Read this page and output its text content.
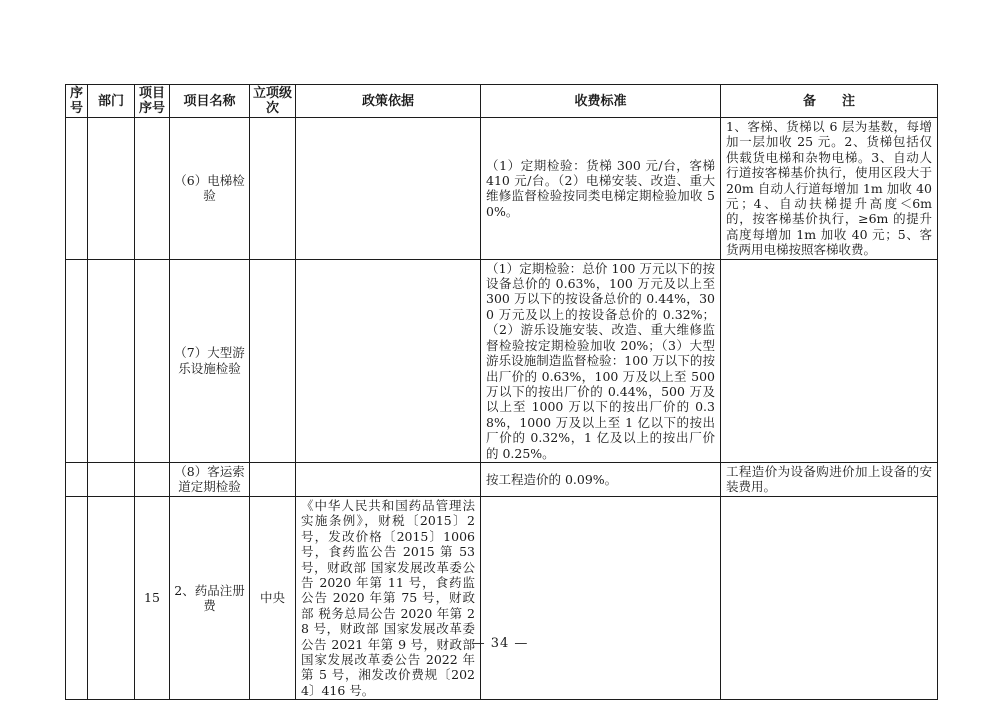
序号	部门	项目序号	项目名称	立项级次	政策依据	收费标准	备　　注
			（6）电梯检验			（1）定期检验：货梯 300 元/台，客梯 410 元/台。（2）电梯安装、改造、重大维修监督检验按同类电梯定期检验加收 50%。	1、客梯、货梯以 6 层为基数，每增加一层加收 25 元。2、货梯包括仅供载货电梯和杂物电梯。3、自动人行道按客梯基价执行，使用区段大于 20m 自动人行道每增加 1m 加收 40 元；4、自动扶梯提升高度＜6m 的，按客梯基价执行，≥6m 的提升高度每增加 1m 加收 40 元；5、客货两用电梯按照客梯收费。
			（7）大型游乐设施检验			（1）定期检验：总价 100 万元以下的按设备总价的 0.63%，100 万元及以上至 300 万以下的按设备总价的 0.44%，300 万元及以上的按设备总价的 0.32%；（2）游乐设施安装、改造、重大维修监督检验按定期检验加收 20%；（3）大型游乐设施制造监督检验：100 万以下的按出厂价的 0.63%，100 万及以上至 500 万以下的按出厂价的 0.44%，500 万及以上至 1000 万以下的按出厂价的 0.38%，1000 万及以上至 1 亿以下的按出厂价的 0.32%，1 亿及以上的按出厂价的 0.25%。	
			（8）客运索道定期检验			按工程造价的 0.09%。	工程造价为设备购进价加上设备的安装费用。
		15	2、药品注册费	中央	《中华人民共和国药品管理法实施条例》，财税〔2015〕2 号，发改价格〔2015〕1006 号，食药监公告 2015 第 53 号，财政部 国家发展改革委公告 2020 年第 11 号，食药监公告 2020 年第 75 号，财政部 税务总局公告 2020 年第 28 号，财政部 国家发展改革委公告 2021 年第 9 号，财政部 国家发展改革委公告 2022 年第 5 号，湘发改价费规〔2024〕416 号。		
— 34 —
